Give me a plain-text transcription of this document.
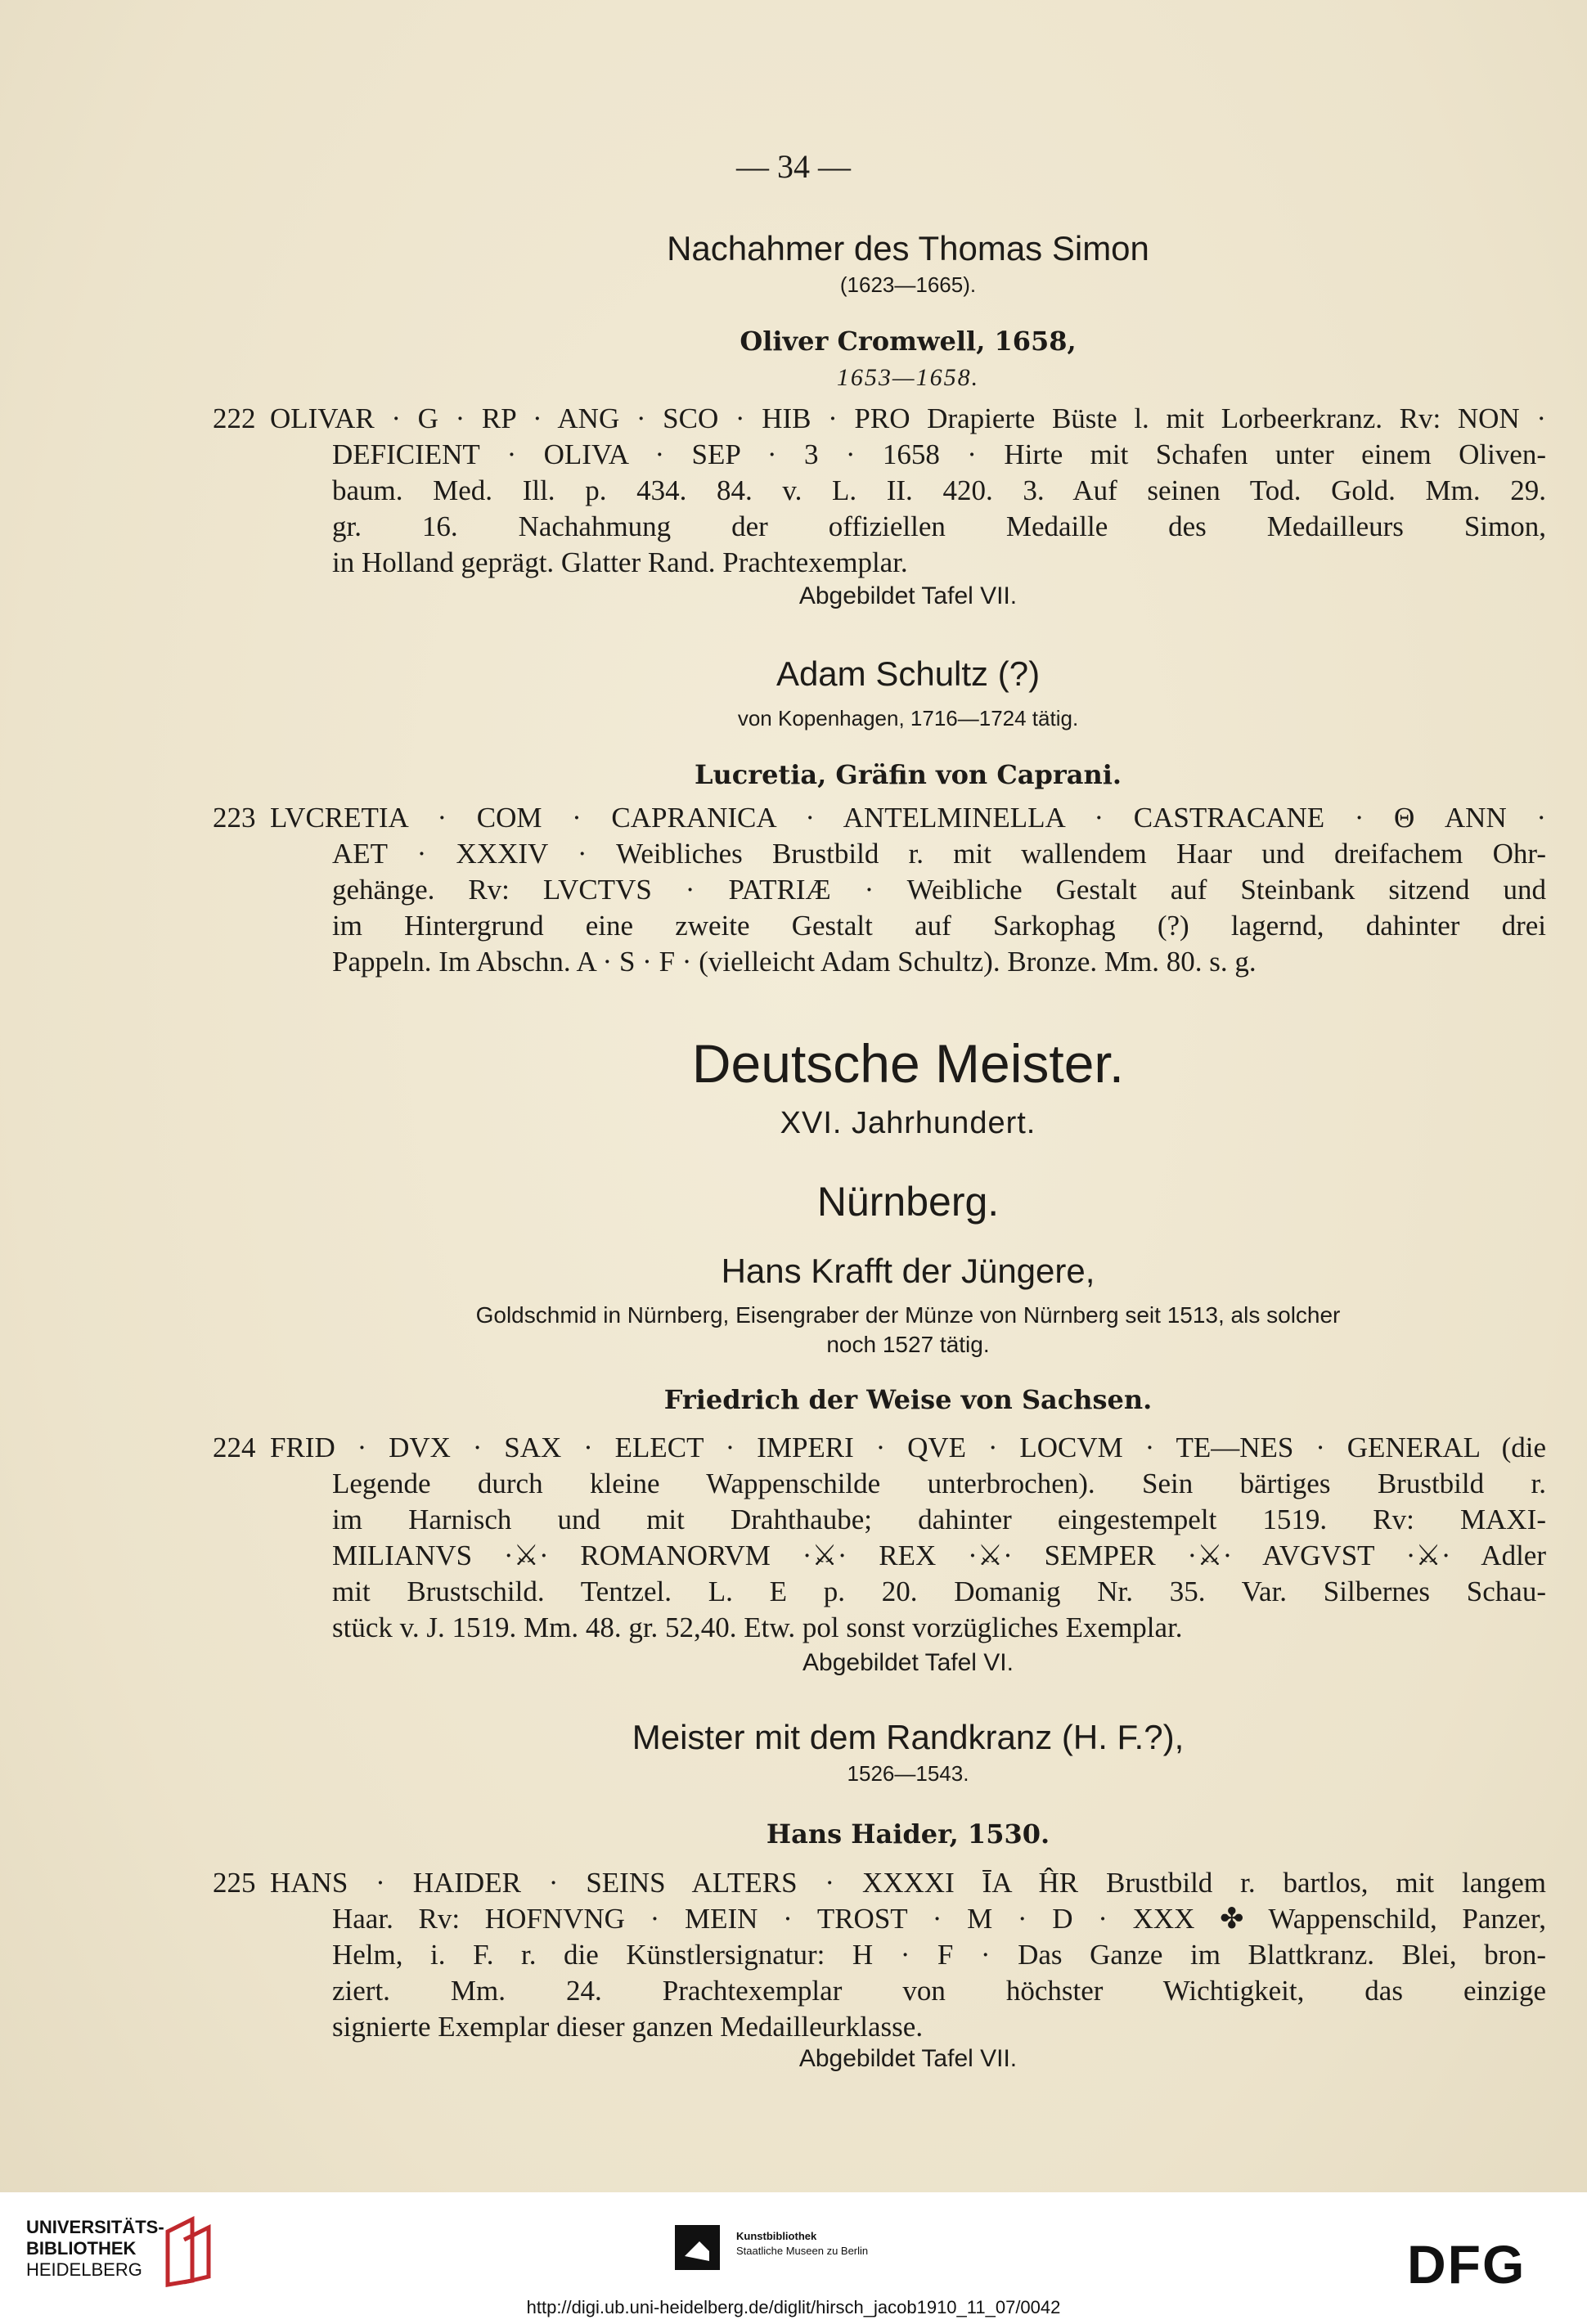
— 34 —
Nachahmer des Thomas Simon
(1623—1665).
Oliver Cromwell, 1658,
1653—1658.
222 OLIVAR · G · RP · ANG · SCO · HIB · PRO Drapierte Büste l. mit Lorbeerkranz. Rv: NON ·
DEFICIENT · OLIVA · SEP · 3 · 1658 · Hirte mit Schafen unter einem Oliven-
baum. Med. Ill. p. 434. 84. v. L. II. 420. 3. Auf seinen Tod. Gold. Mm. 29.
gr. 16. Nachahmung der offiziellen Medaille des Medailleurs Simon,
in Holland geprägt. Glatter Rand. Prachtexemplar.
Abgebildet Tafel VII.
Adam Schultz (?)
von Kopenhagen, 1716—1724 tätig.
Lucretia, Gräfin von Caprani.
223 LVCRETIA · COM · CAPRANICA · ANTELMINELLA · CASTRACANE · Θ ANN ·
AET · XXXIV · Weibliches Brustbild r. mit wallendem Haar und dreifachem Ohr-
gehänge. Rv: LVCTVS · PATRIÆ · Weibliche Gestalt auf Steinbank sitzend und
im Hintergrund eine zweite Gestalt auf Sarkophag (?) lagernd, dahinter drei
Pappeln. Im Abschn. A · S · F · (vielleicht Adam Schultz). Bronze. Mm. 80. s. g.
Deutsche Meister.
XVI. Jahrhundert.
Nürnberg.
Hans Krafft der Jüngere,
Goldschmid in Nürnberg, Eisengraber der Münze von Nürnberg seit 1513, als solcher
noch 1527 tätig.
Friedrich der Weise von Sachsen.
224 FRID · DVX · SAX · ELECT · IMPERI · QVE · LOCVM · TE—NES · GENERAL (die
Legende durch kleine Wappenschilde unterbrochen). Sein bärtiges Brustbild r.
im Harnisch und mit Drahthaube; dahinter eingestempelt 1519. Rv: MAXI-
MILIANVS ·⚔· ROMANORVM ·⚔· REX ·⚔· SEMPER ·⚔· AVGVST ·⚔· Adler
mit Brustschild. Tentzel. L. E p. 20. Domanig Nr. 35. Var. Silbernes Schau-
stück v. J. 1519. Mm. 48. gr. 52,40. Etw. pol sonst vorzügliches Exemplar.
Abgebildet Tafel VI.
Meister mit dem Randkranz (H. F.?),
1526—1543.
Hans Haider, 1530.
225 HANS · HAIDER · SEINS ALTERS · XXXXI ĪA ĤR Brustbild r. bartlos, mit langem
Haar. Rv: HOFNVNG · MEIN · TROST · M · D · XXX ✤ Wappenschild, Panzer,
Helm, i. F. r. die Künstlersignatur: H · F · Das Ganze im Blattkranz. Blei, bron-
ziert. Mm. 24. Prachtexemplar von höchster Wichtigkeit, das einzige
signierte Exemplar dieser ganzen Medailleurklasse.
Abgebildet Tafel VII.
UNIVERSITÄTS-
BIBLIOTHEK
HEIDELBERG
Kunstbibliothek
Staatliche Museen zu Berlin	DFG
http://digi.ub.uni-heidelberg.de/diglit/hirsch_jacob1910_11_07/0042
